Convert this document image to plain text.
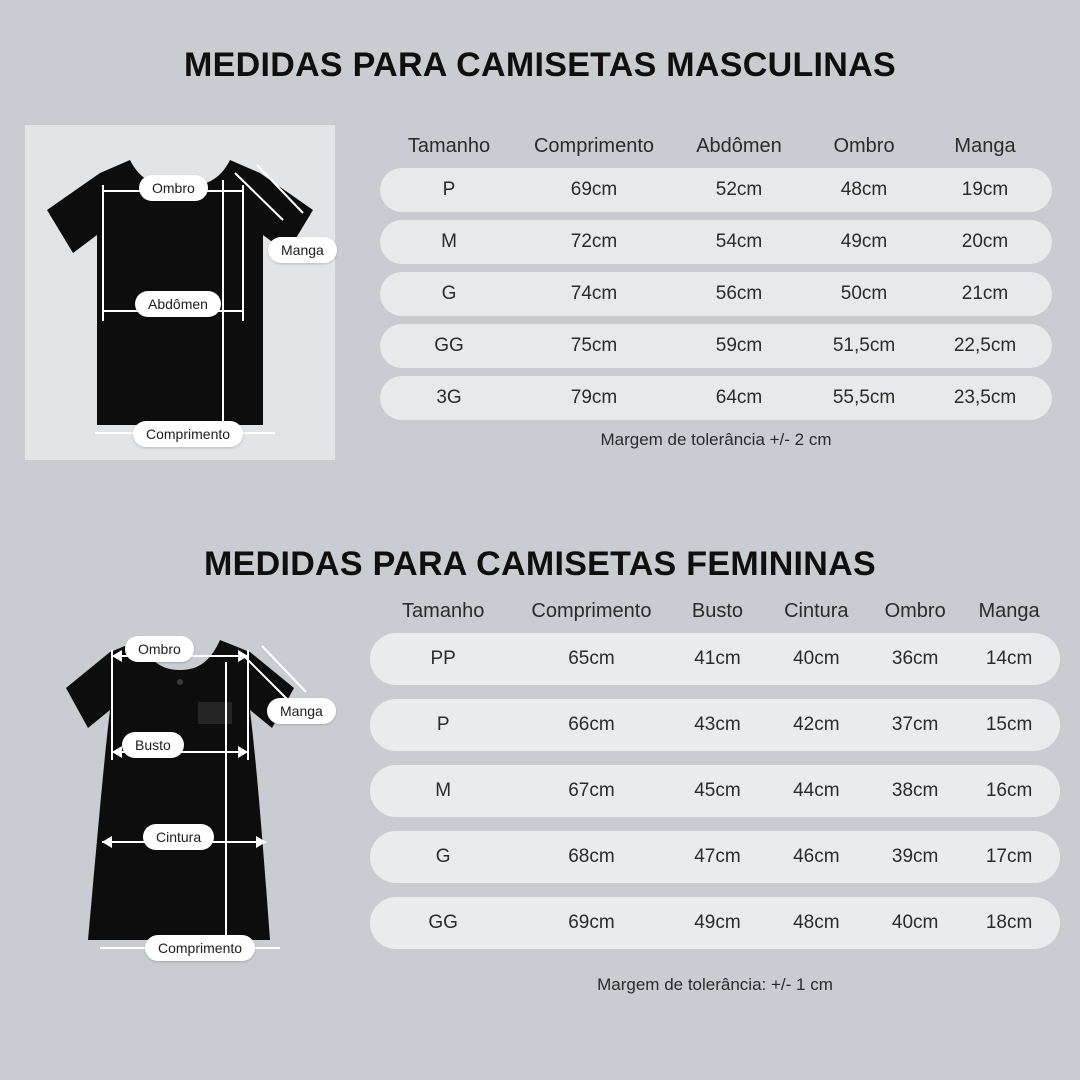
MEDIDAS PARA CAMISETAS MASCULINAS
Ombro
Manga
Abdômen
Comprimento
Tamanho	Comprimento	Abdômen	Ombro	Manga
P	69cm	52cm	48cm	19cm
M	72cm	54cm	49cm	20cm
G	74cm	56cm	50cm	21cm
GG	75cm	59cm	51,5cm	22,5cm
3G	79cm	64cm	55,5cm	23,5cm
Margem de tolerância +/- 2 cm
MEDIDAS PARA CAMISETAS FEMININAS
Ombro
Manga
Busto
Cintura
Comprimento
Tamanho	Comprimento	Busto	Cintura	Ombro	Manga
PP	65cm	41cm	40cm	36cm	14cm
P	66cm	43cm	42cm	37cm	15cm
M	67cm	45cm	44cm	38cm	16cm
G	68cm	47cm	46cm	39cm	17cm
GG	69cm	49cm	48cm	40cm	18cm
Margem de tolerância: +/- 1 cm
